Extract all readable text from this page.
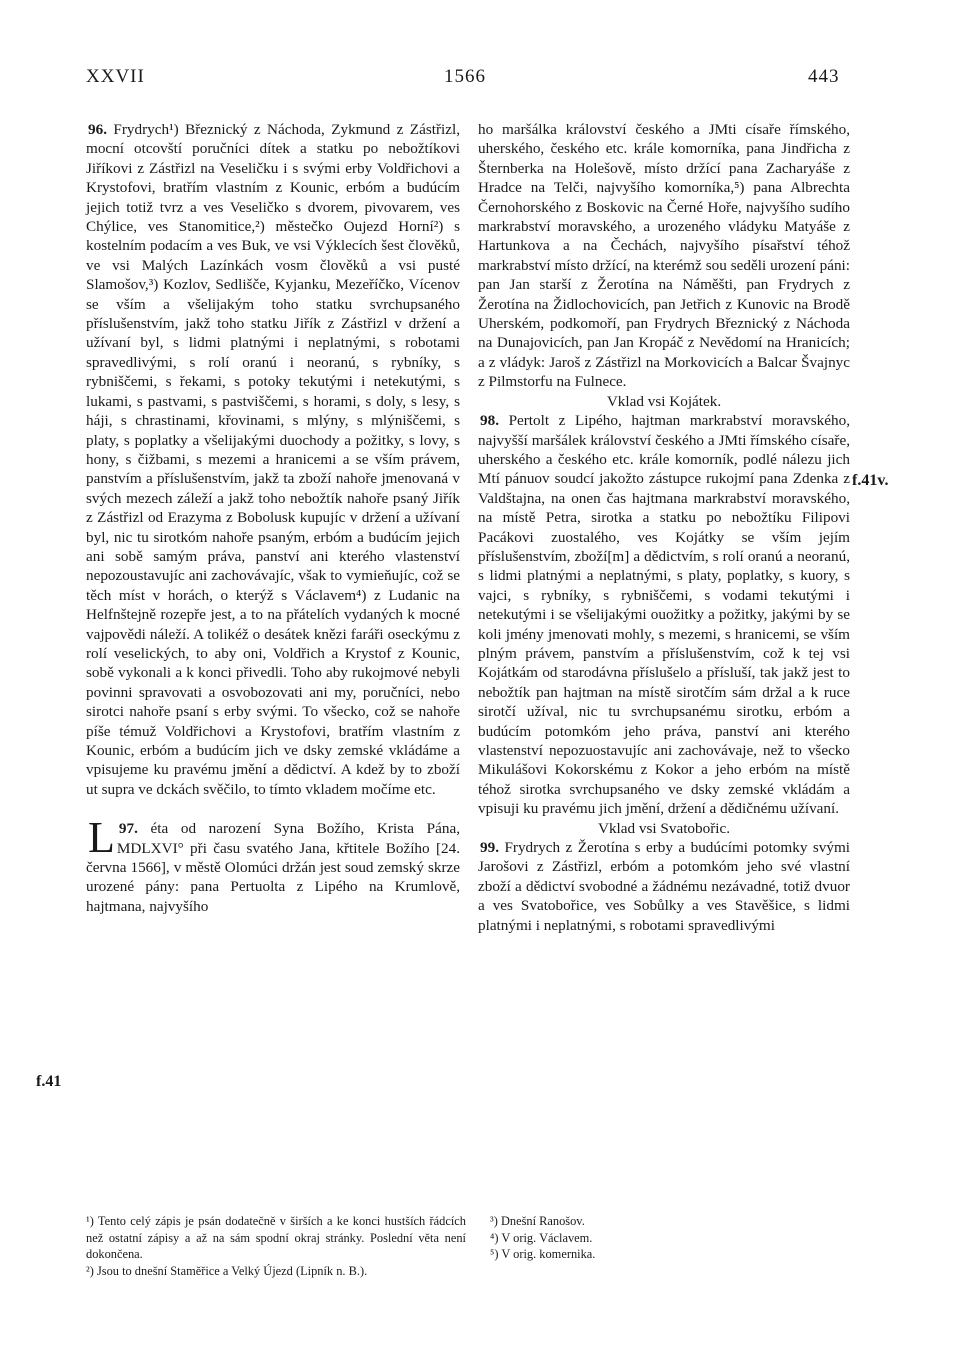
XXVII	1566	443
f.41v.
f.41

96. Frydrych¹) Březnický z Náchoda, Zykmund z Zástřizl, mocní otcovští poručníci dítek a statku po nebožtíkovi Jiříkovi z Zástřizl na Veseličku i s svými erby Voldřichovi a Krystofovi, bratřím vlastním z Kounic, erbóm a budúcím jejich totiž tvrz a ves Veseličko s dvorem, pivovarem, ves Chýlice, ves Stanomitice,²) městečko Oujezd Horní²) s kostelním podacím a ves Buk, ve vsi Výklecích šest člověků, ve vsi Malých Lazínkách vosm člověků a vsi pusté Slamošov,³) Kozlov, Sedlišče, Kyjanku, Mezeříčko, Vícenov se vším a všelijakým toho statku svrchupsaného příslušenstvím, jakž toho statku Jiřík z Zástřizl v držení a užívaní byl, s lidmi platnými i neplatnými, s robotami spravedlivými, s rolí oranú i neoranú, s rybníky, s rybniščemi, s řekami, s potoky tekutými i netekutými, s lukami, s pastvami, s pastviščemi, s horami, s doly, s lesy, s háji, s chrastinami, křovinami, s mlýny, s mlýniščemi, s platy, s poplatky a všelijakými duochody a požitky, s lovy, s hony, s čižbami, s mezemi a hranicemi a se vším právem, panstvím a příslušenstvím, jakž ta zboží nahoře jmenovaná v svých mezech záleží a jakž toho nebožtík nahoře psaný Jiřík z Zástřizl od Erazyma z Bobolusk kupujíc v držení a užívaní byl, nic tu sirotkóm nahoře psaným, erbóm a budúcím jejich ani sobě samým práva, panství ani kterého vlastenství nepozoustavujíc ani zachovávajíc, však to vymieňujíc, což se těch míst v horách, o kterýž s Václavem⁴) z Ludanic na Helfnštejně rozepře jest, a to na přátelích vydaných k mocné vajpovědi náleží. A tolikéž o desátek knězi faráři oseckýmu z rolí veselických, to aby oni, Voldřich a Krystof z Kounic, sobě vykonali a k konci přivedli. Toho aby rukojmové nebyli povinni spravovati a osvobozovati ani my, poručníci, nebo sirotci nahoře psaní s erby svými. To všecko, což se nahoře píše témuž Voldřichovi a Krystofovi, bratřím vlastním z Kounic, erbóm a budúcím jich ve dsky zemské vkládáme a vpisujeme ku pravému jmění a dědictví. A kdež by to zboží ut supra ve dckách svěčilo, to tímto vkladem močíme etc.

97.
L éta od narození Syna Božího, Krista Pána, MDLXVI° při času svatého Jana, křtitele Božího [24. června 1566], v městě Olomúci držán jest soud zemský skrze urozené pány: pana Pertuolta z Lipého na Krumlově, hajtmana, najvyšího

ho maršálka království českého a JMti císaře římského, uherského, českého etc. krále komorníka, pana Jindřicha z Šternberka na Holešově, místo držící pana Zacharyáše z Hradce na Telči, najvyšího komorníka,⁵) pana Albrechta Černohorského z Boskovic na Černé Hoře, najvyšího sudího markrabství moravského, a urozeného vládyku Matyáše z Hartunkova a na Čechách, najvyšího písařství téhož markrabství místo držící, na kterémž sou seděli urození páni: pan Jan starší z Žerotína na Náměšti, pan Frydrych z Žerotína na Židlochovicích, pan Jetřich z Kunovic na Brodě Uherském, podkomoří, pan Frydrych Březnický z Náchoda na Dunajovicích, pan Jan Kropáč z Nevědomí na Hranicích; a z vládyk: Jaroš z Zástřizl na Morkovicích a Balcar Švajnyc z Pilmstorfu na Fulnece.

Vklad vsi Kojátek.

98. Pertolt z Lipého, hajtman markrabství moravského, najvyšší maršálek království českého a JMti římského císaře, uherského a českého etc. krále komorník, podlé nálezu jich Mtí pánuov soudcí jakožto zástupce rukojmí pana Zdenka z Valdštajna, na onen čas hajtmana markrabství moravského, na místě Petra, sirotka a statku po nebožtíku Filipovi Pacákovi zuostalého, ves Kojátky se vším jejím příslušenstvím, zboží[m] a dědictvím, s rolí oranú a neoranú, s lidmi platnými a neplatnými, s platy, poplatky, s kuory, s vajci, s rybníky, s rybniščemi, s vodami tekutými i netekutými i se všelijakými ouožitky a požitky, jakými by se koli jmény jmenovati mohly, s mezemi, s hranicemi, se vším plným právem, panstvím a příslušenstvím, což k tej vsi Kojátkám od starodávna příslušelo a přísluší, tak jakž jest to nebožtík pan hajtman na místě sirotčím sám držal a k ruce sirotčí užíval, nic tu svrchupsanému sirotku, erbóm a budúcím potomkóm jeho práva, panství ani kterého vlastenství nepozuostavujíc ani zachovávaje, než to všecko Mikulášovi Kokorskému z Kokor a jeho erbóm na místě téhož sirotka svrchupsaného ve dsky zemské vkládám a vpisuji ku pravému jich jmění, držení a dědičnému užívaní.

Vklad vsi Svatobořic.

99. Frydrych z Žerotína s erby a budúcími potomky svými Jarošovi z Zástřizl, erbóm a potomkóm jeho své vlastní zboží a dědictví svobodné a žádnému nezávadné, totiž dvuor a ves Svatobořice, ves Sobůlky a ves Stavěšice, s lidmi platnými i neplatnými, s robotami spravedlivými

¹) Tento celý zápis je psán dodatečně v širších a ke konci hustších řádcích než ostatní zápisy a až na sám spodní okraj stránky. Poslední věta není dokončena.

²) Jsou to dnešní Staměřice a Velký Újezd (Lipník n. B.).

³) Dnešní Ranošov.

⁴) V orig. Václavem.

⁵) V orig. komernika.
